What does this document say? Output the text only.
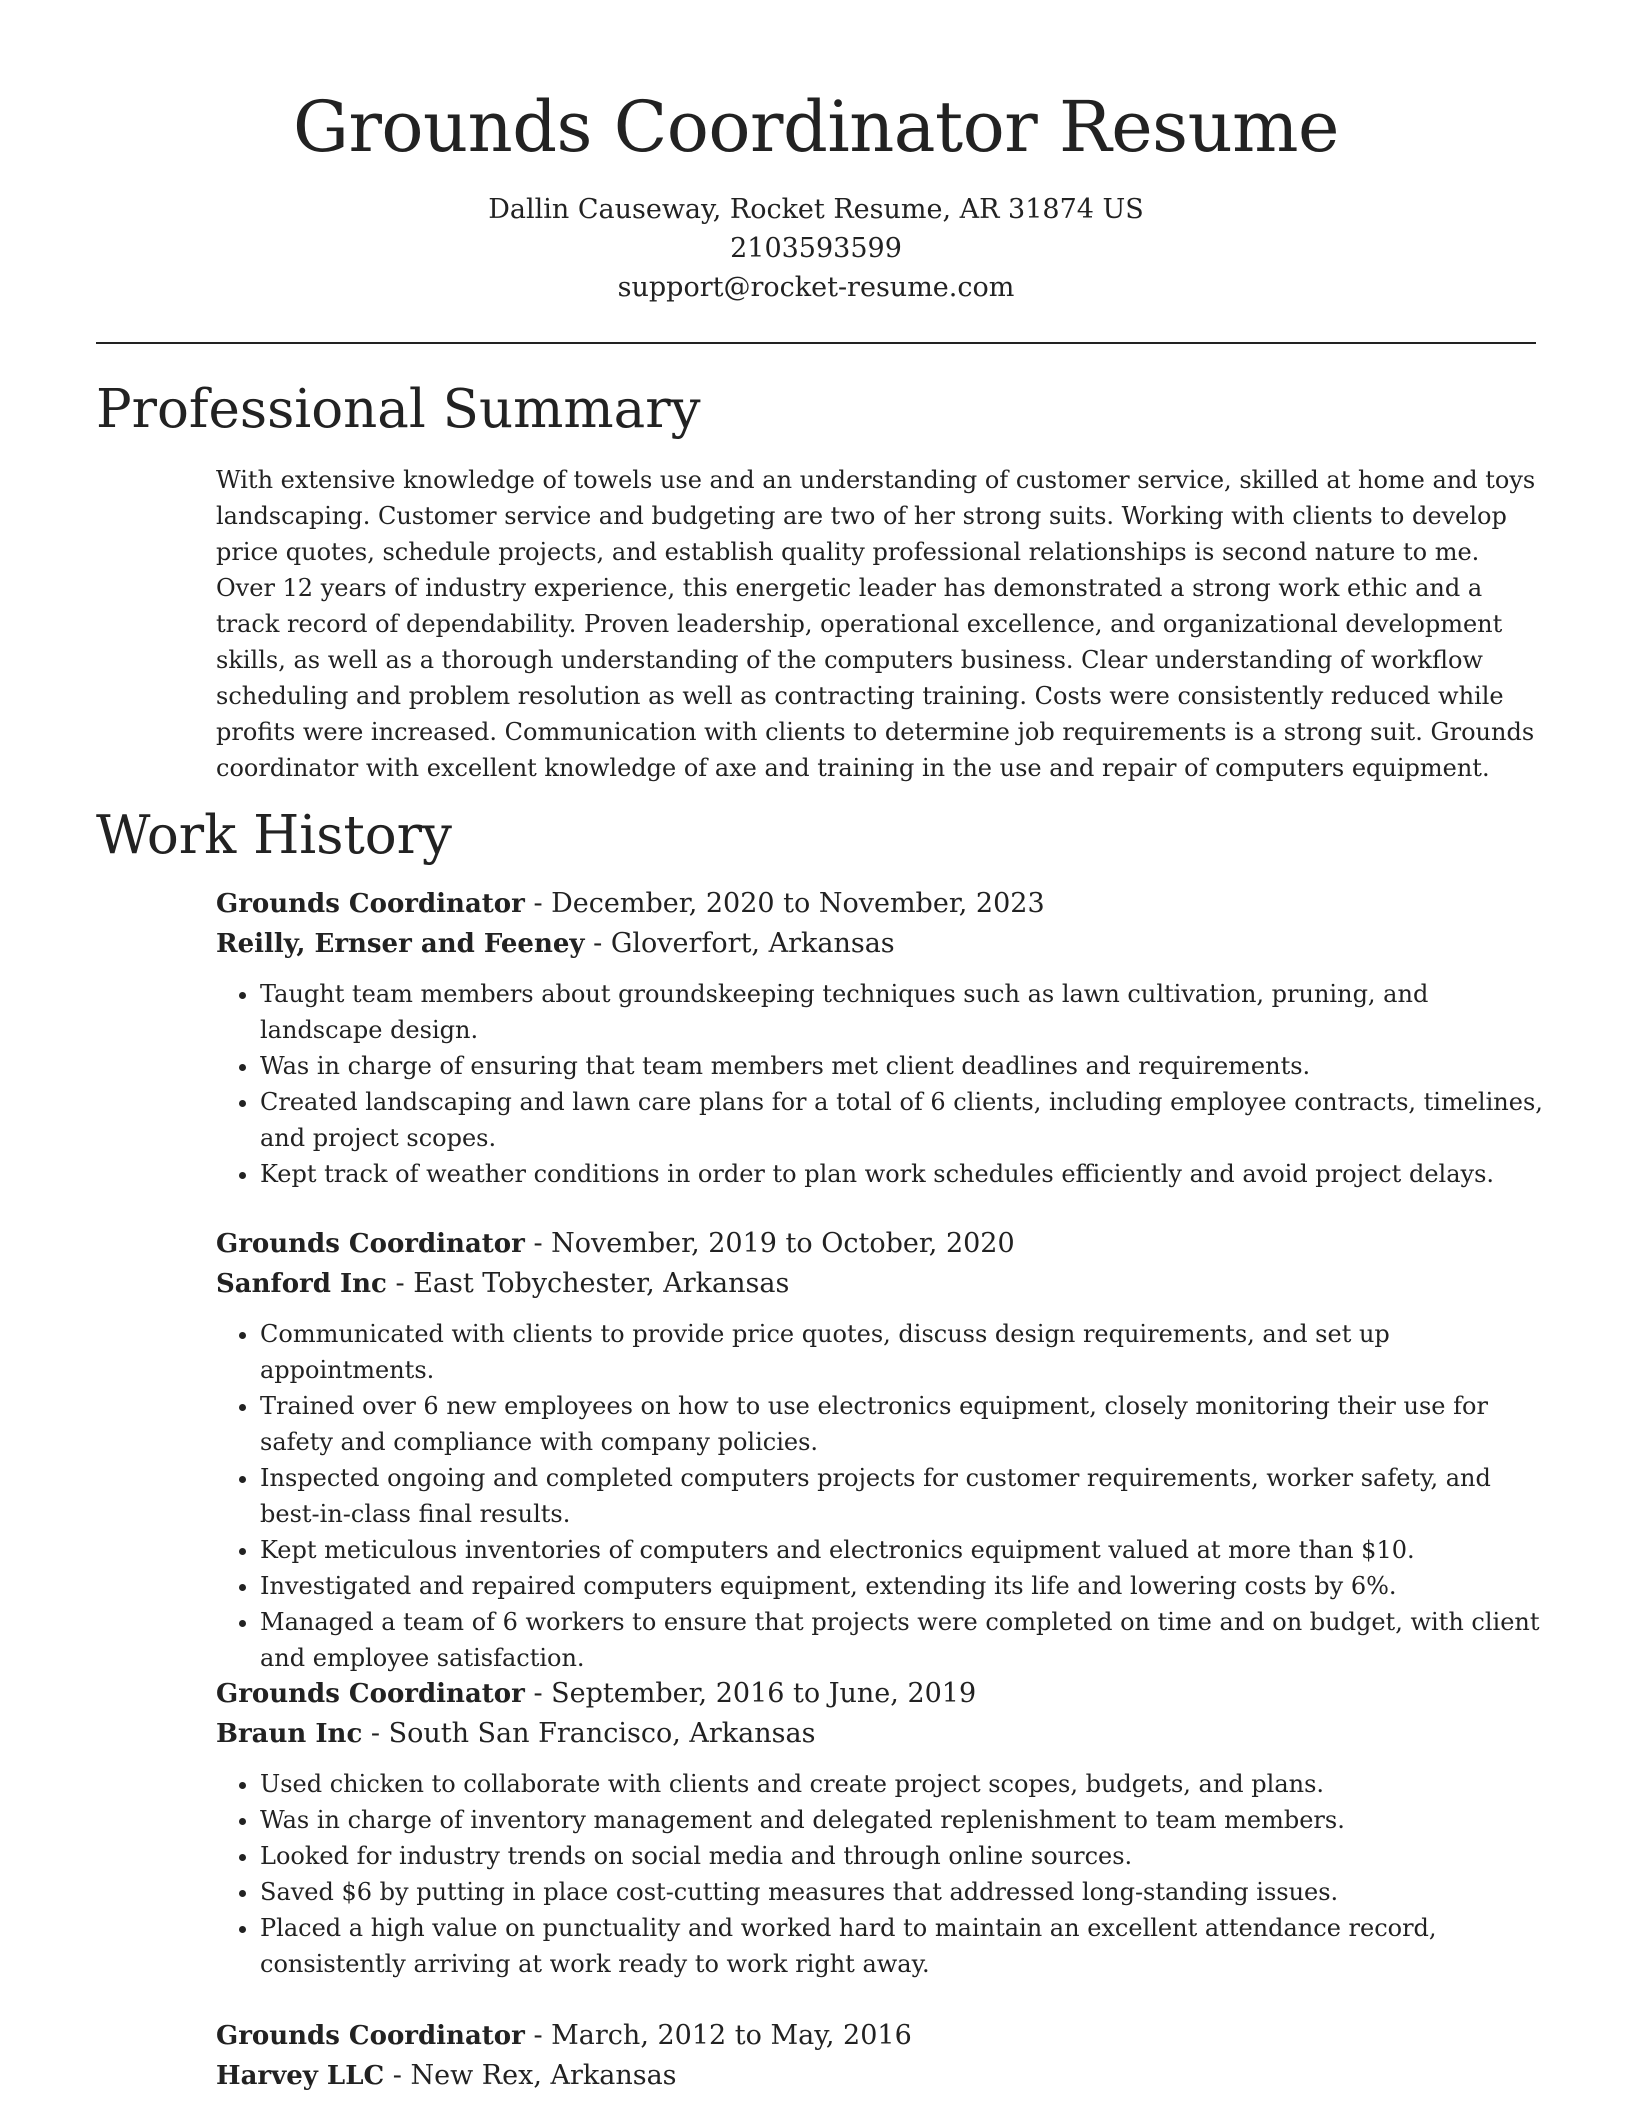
Grounds Coordinator Resume

Dallin Causeway, Rocket Resume, AR 31874 US

2103593599

support@rocket-resume.com

Professional Summary

With extensive knowledge of towels use and an understanding of customer service, skilled at home and toys landscaping. Customer service and budgeting are two of her strong suits. Working with clients to develop price quotes, schedule projects, and establish quality professional relationships is second nature to me. Over 12 years of industry experience, this energetic leader has demonstrated a strong work ethic and a track record of dependability. Proven leadership, operational excellence, and organizational development skills, as well as a thorough understanding of the computers business. Clear understanding of workflow scheduling and problem resolution as well as contracting training. Costs were consistently reduced while profits were increased. Communication with clients to determine job requirements is a strong suit. Grounds coordinator with excellent knowledge of axe and training in the use and repair of computers equipment.

Work History

Grounds Coordinator - December, 2020 to November, 2023

Reilly, Ernser and Feeney - Gloverfort, Arkansas

• Taught team members about groundskeeping techniques such as lawn cultivation, pruning, and landscape design.
• Was in charge of ensuring that team members met client deadlines and requirements.
• Created landscaping and lawn care plans for a total of 6 clients, including employee contracts, timelines, and project scopes.
• Kept track of weather conditions in order to plan work schedules efficiently and avoid project delays.

Grounds Coordinator - November, 2019 to October, 2020

Sanford Inc - East Tobychester, Arkansas

• Communicated with clients to provide price quotes, discuss design requirements, and set up appointments.
• Trained over 6 new employees on how to use electronics equipment, closely monitoring their use for safety and compliance with company policies.
• Inspected ongoing and completed computers projects for customer requirements, worker safety, and best-in-class final results.
• Kept meticulous inventories of computers and electronics equipment valued at more than $10.
• Investigated and repaired computers equipment, extending its life and lowering costs by 6%.
• Managed a team of 6 workers to ensure that projects were completed on time and on budget, with client and employee satisfaction.

Grounds Coordinator - September, 2016 to June, 2019

Braun Inc - South San Francisco, Arkansas

• Used chicken to collaborate with clients and create project scopes, budgets, and plans.
• Was in charge of inventory management and delegated replenishment to team members.
• Looked for industry trends on social media and through online sources.
• Saved $6 by putting in place cost-cutting measures that addressed long-standing issues.
• Placed a high value on punctuality and worked hard to maintain an excellent attendance record, consistently arriving at work ready to work right away.

Grounds Coordinator - March, 2012 to May, 2016

Harvey LLC - New Rex, Arkansas
